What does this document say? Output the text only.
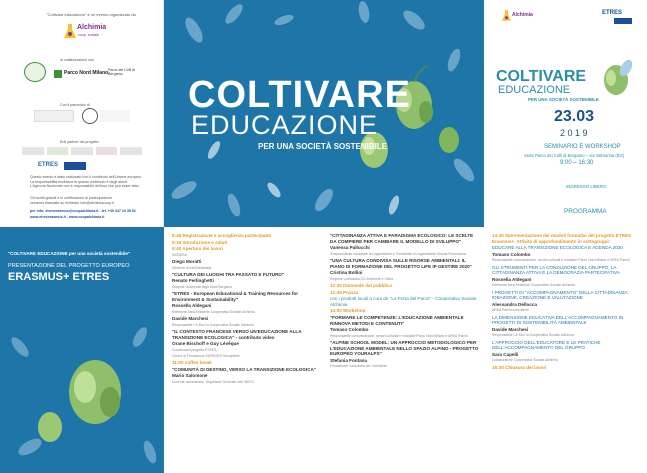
"Coltivare educazione" è un evento organizzato da
Alchimia
coop. sociale
In collaborazione con
Parco Nord Milano Parco dei Colli di Bergamo
Con il patrocinio di
Enti partner del progetto
ETRES
Questo evento è stato realizzato con il contributo dell'Unione europea.
La responsabilità esclusiva di quanto contenuto è degli autori.
L'Agenzia Nazionale non è responsabile dell'uso che può esser fatto.
Gli iscritti gratuiti e le certificazioni di partecipazione
verranno rilasciate su richiesta: info@alchimiacoop.it
per info: etreserasmus@coopalchimia.it - tel. +39 347 10 35 51
www.etreserasmus.it - www.coopalchimia.it
COLTIVARE
EDUCAZIONE
PER UNA SOCIETÀ SOSTENIBILE
Alchimia	ETRES
COLTIVARE
EDUCAZIONE
PER UNA SOCIETÀ SOSTENIBILE
23.03
2 0 1 9
SEMINARIO E WORKSHOP
Sede Parco dei Colli di Bergamo – via Valmarina (BG)
9:00 – 16:30
INGRESSO LIBERO
PROGRAMMA
"COLTIVARE EDUCAZIONE per una società sostenibile"
PRESENTAZIONE DEL PROGETTO EUROPEO
ERASMUS+ ETRES
8:45 Registrazione e accoglienza partecipanti
9:15 Introduzione e saluti
9:40 Apertura dei lavori
MODERA
Diego Moratti
Direttore di InfoSolidarietà
"CULTURA DEI LUOGHI TRA PASSATO E FUTURO"
Renato Ferlinghetti
Docente Università degli Studi Bergamo
"ETRES - European Educational & Training Resources for Environment & Sustainability"
Rossella Aldegani
Referente Area Ambiente Cooperativa Sociale Alchimia
Davide Marchesi
Responsabile Ce.Mo.Ca Cooperativa Sociale Alchimia
"IL CONTESTO FRANCESE VERSO UN'EDUCAZIONE ALLA TRANSIZIONE ECOLOGICA" - contributo video
Orane Bischoff e Guy Lévêque
Coordinatori progetto ETRES,
Centro di Formazione SUPAGRO Montpellier
11:00 coffee break
"COMUNITÀ DI DESTINO, VERSO LA TRANSIZIONE ECOLOGICA"
Mario Salomone
Docente universitario, Segretario Generale rete WEEC
"CITTADINANZA ATTIVA E PARADIGMA ECOLOGICO: LE SCELTE DA COMPIERE PER CAMBIARE IL MODELLO DI SVILUPPO"
Vanessa Pallucchi
Vicepresidente nazionale di Legambiente e Presidente di Legambiente Scuola Formazione
"UNA CULTURA CONDIVISA SULLE RISORSE AMBIENTALI: IL PIANO DI FORMAZIONE DEL PROGETTO LIFE IP GESTIRE 2020"
Cristina Bollini
Regione Lombardia DG Ambiente e Clima
12:30 Domande dal pubblico
12:45 Pranzo
con i prodotti locali a cura de "La Porta del Parco" - Cooperativa Sociale Alchimia
14:00 Workshop
"FORMARE LE COMPETENZE: L'EDUCAZIONE AMBIENTALE RINNOVA METODI E CONTENUTI"
Tomaso Colombo
Responsabile comunicazione, servizi culturali e educativi Parco Nord Milano e AREA Parchi
"ALPINE SCHOOL MODEL: UN APPROCCIO METODOLOGICO PER L'EDUCAZIONE AMBIENTALE NELLO SPAZIO ALPINO - PROGETTO EUROPEO YOURALPS"
Stefania Fontana
Fondazione Lombardia per l'Ambiente
14:30 Sperimentazione dei moduli formativi del progetto ETRES Erasmus+. Attività di approfondimento in sottogruppi:
EDUCARE ALLA TRANSIZIONE ECOLOGICA E AGENDA 2030
Tomaso Colombo
Responsabile comunicazione, servizi culturali e educativi Parco Nord Milano e AREA Parchi
GLI STRUMENTI PER LA CONDUZIONE DEL GRUPPO, LA CITTADINANZA ATTIVA E LA DEMOCRAZIA PARTECIPATIVA
Rossella Aldegani
Referente Area Ambiente Cooperativa Sociale Alchimia
I PROGETTI DI "ACCOMPAGNAMENTO" DELLA CITTADINANZA: IDEAZIONE, CREAZIONE E VALUTAZIONE
Alessandra Dellocca
AREA Parchi consulente
LA DIMENSIONE EDUCATIVA DELL'ACCOMPAGNAMENTO IN PROGETTI DI SOSTENIBILITÀ AMBIENTALE
Davide Marchesi
Responsabile Ce.Mo.Ca Cooperativa Sociale Alchimia
L'APPROCCIO DELL'EDUCATORE E LE PRATICHE DELL'ACCOMPAGNAMENTO DEL GRUPPO
Sara Capelli
Collaboratrice Cooperativa Sociale Alchimia
16:30 Chiusura dei lavori
